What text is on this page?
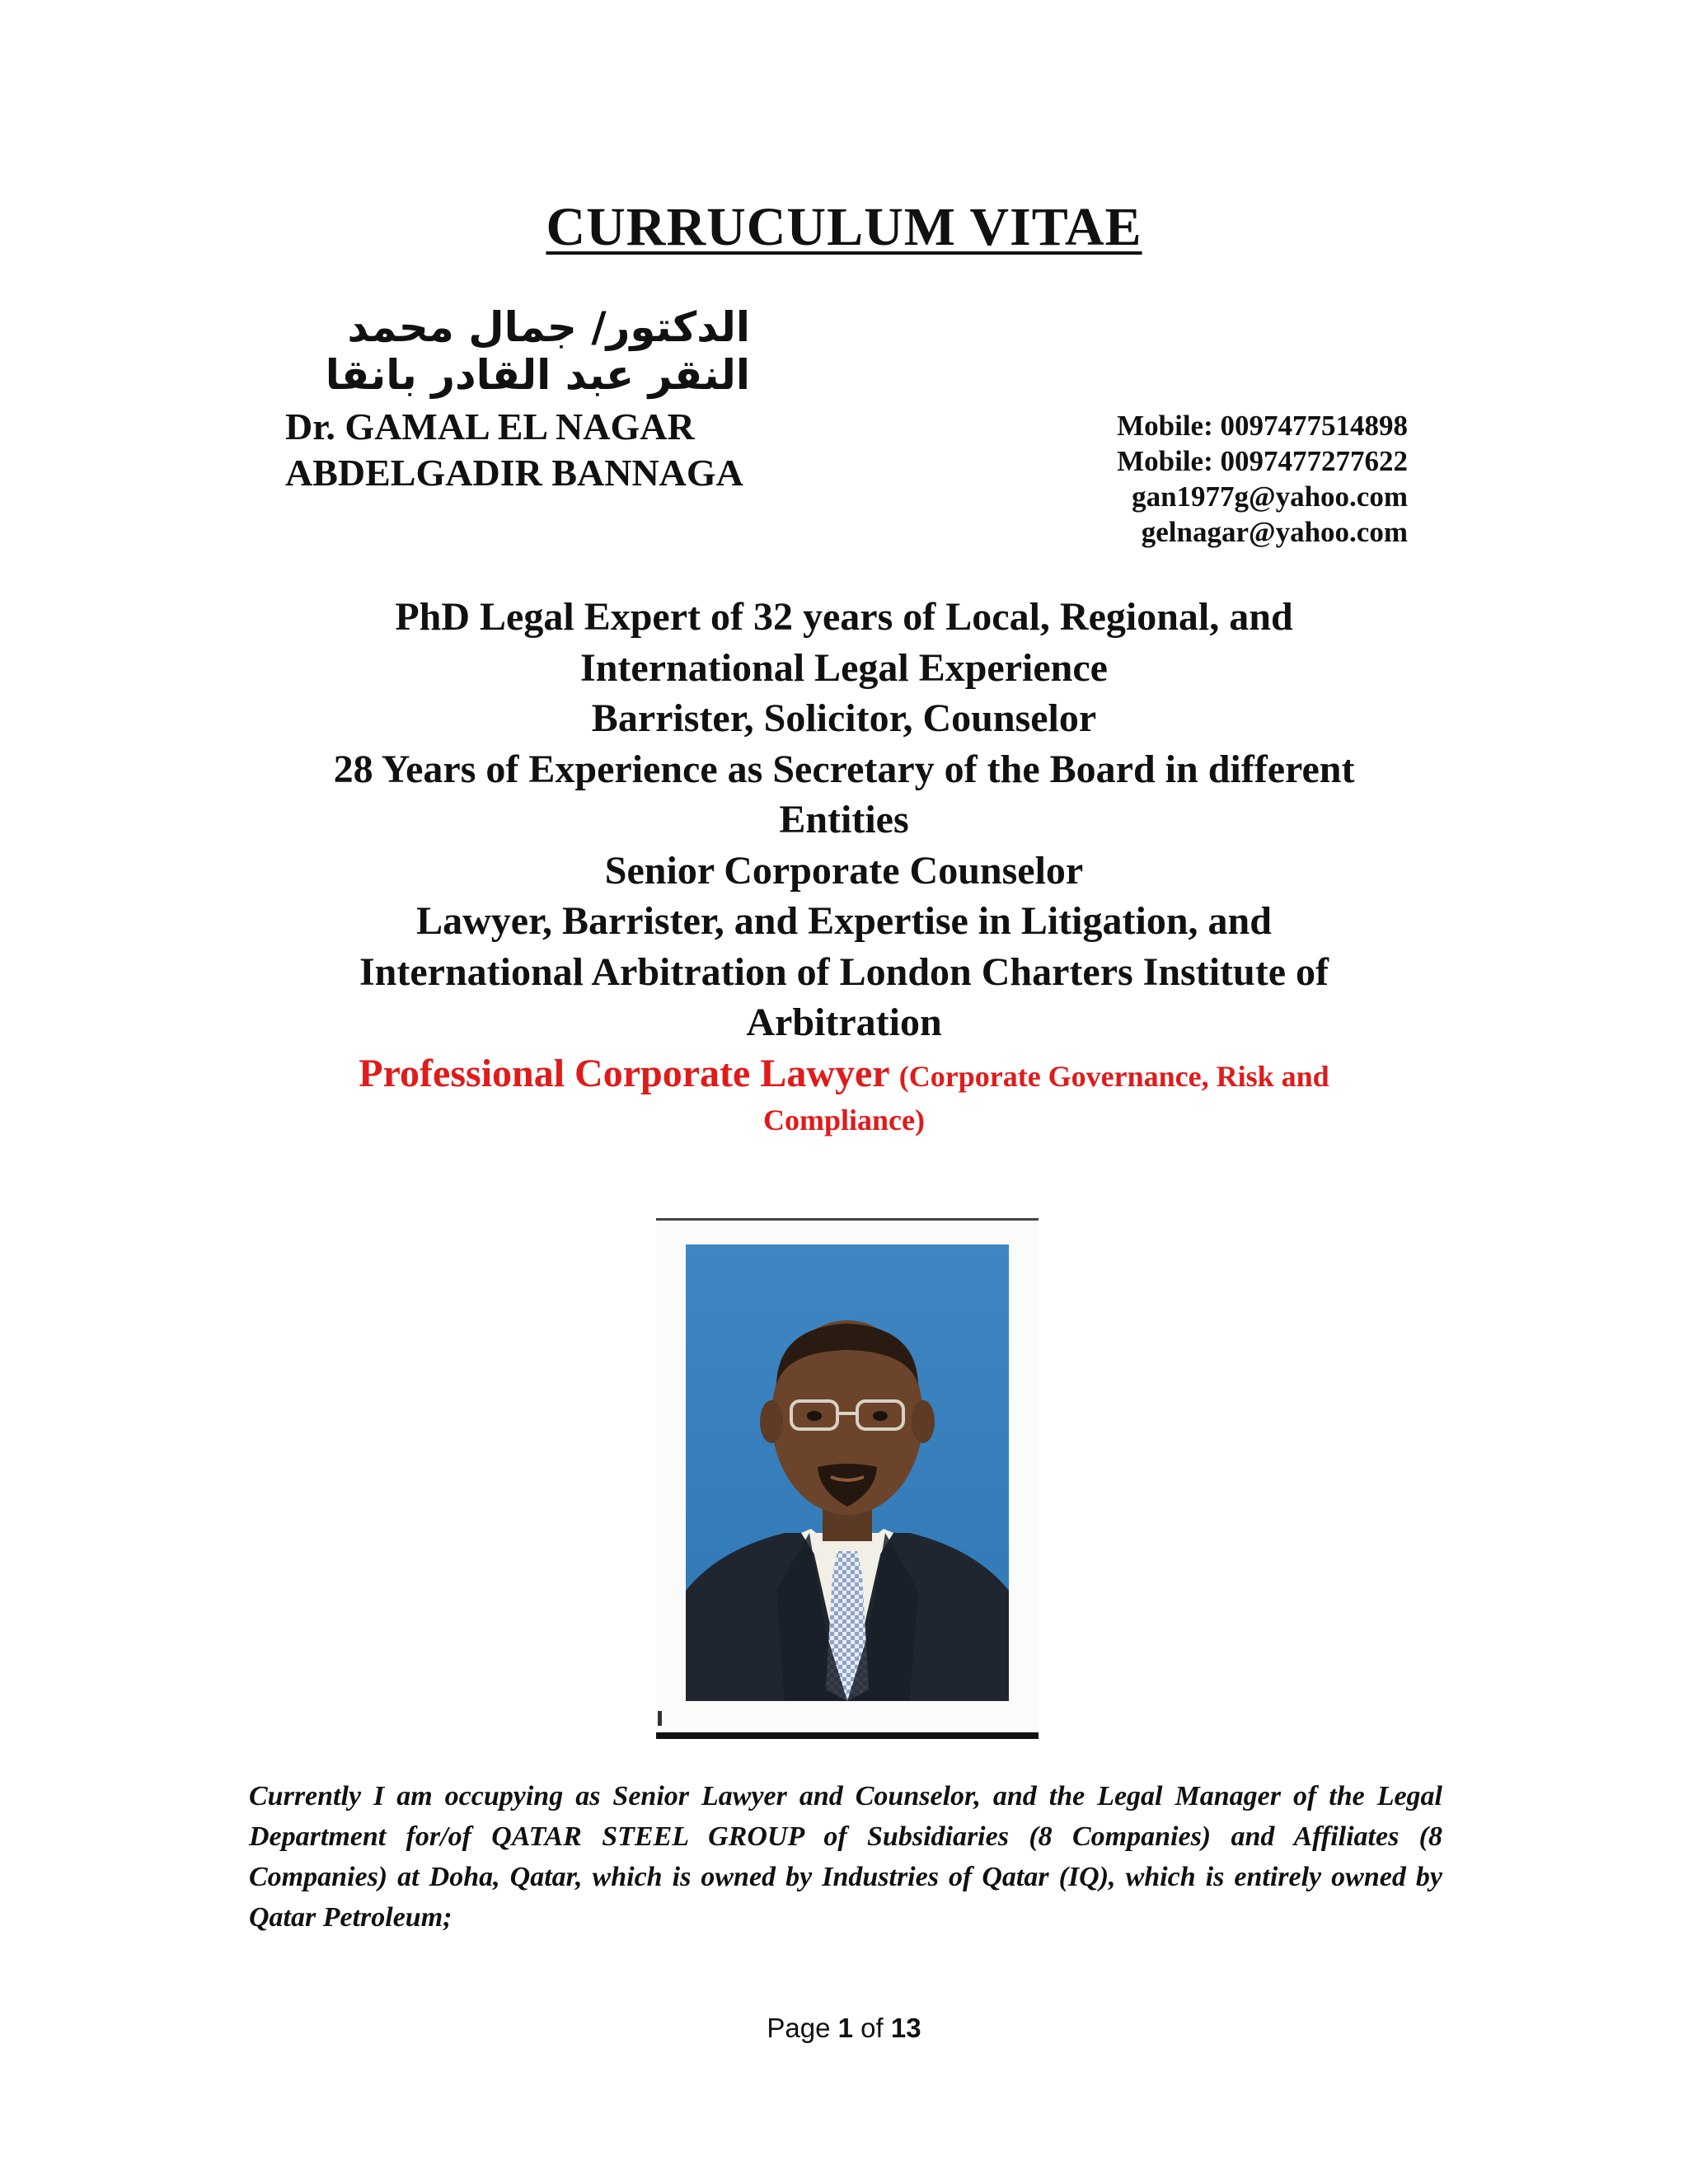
CURRUCULUM VITAE
الدكتور/ جمال محمد النقر عبد القادر بانقا
Dr. GAMAL EL NAGAR
ABDELGADIR BANNAGA
Mobile: 0097477514898
Mobile: 0097477277622
gan1977g@yahoo.com
gelnagar@yahoo.com
PhD Legal Expert of 32 years of Local, Regional, and
International Legal Experience
Barrister, Solicitor, Counselor
28 Years of Experience as Secretary of the Board in different
Entities
Senior Corporate Counselor
Lawyer, Barrister, and Expertise in Litigation, and
International Arbitration of London Charters Institute of
Arbitration
Professional Corporate Lawyer (Corporate Governance, Risk and
Compliance)
Currently I am occupying as Senior Lawyer and Counselor, and the Legal Manager of the Legal Department for/of QATAR STEEL GROUP of Subsidiaries (8 Companies) and Affiliates (8 Companies) at Doha, Qatar, which is owned by Industries of Qatar (IQ), which is entirely owned by Qatar Petroleum;
Page 1 of 13
